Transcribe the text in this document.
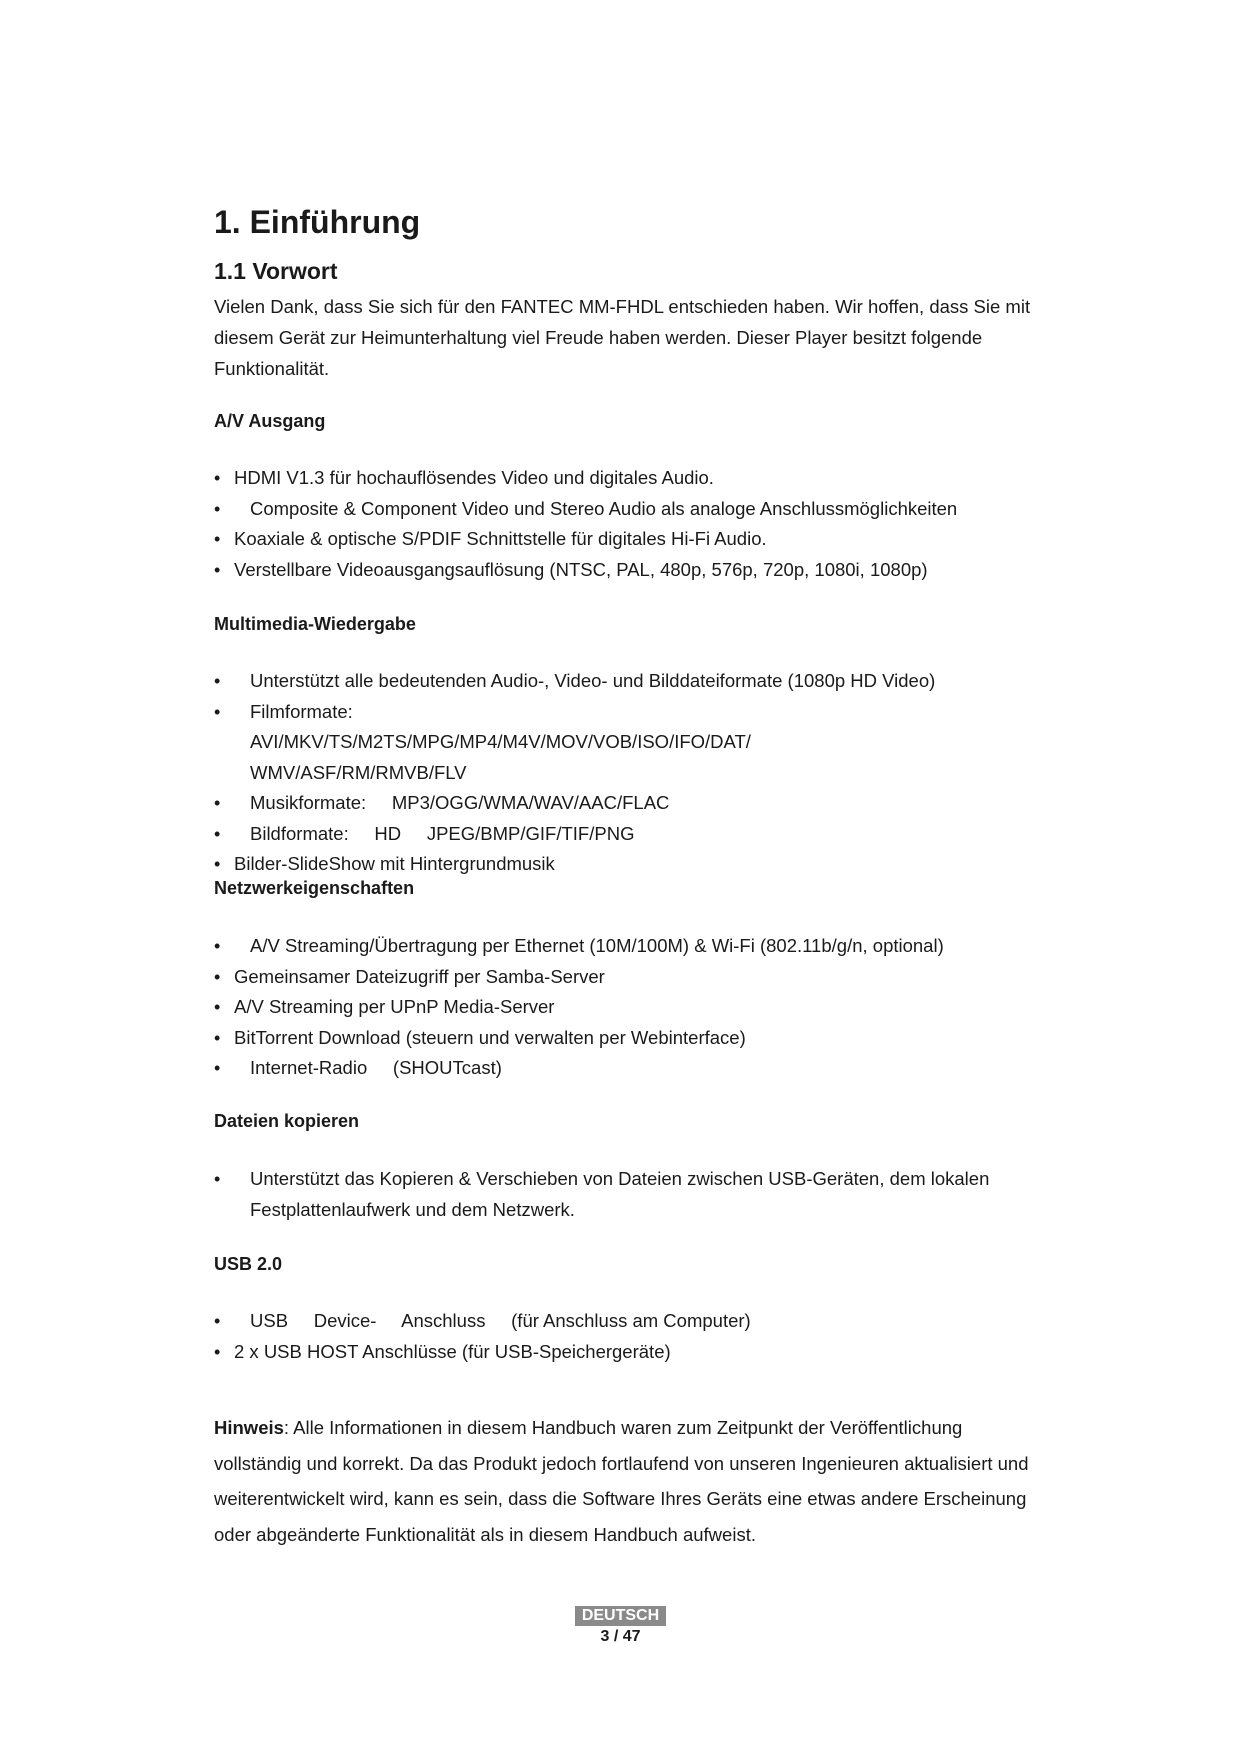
1. Einführung
1.1 Vorwort

Vielen Dank, dass Sie sich für den FANTEC MM-FHDL entschieden haben. Wir hoffen, dass Sie mit diesem Gerät zur Heimunterhaltung viel Freude haben werden. Dieser Player besitzt folgende Funktionalität.

A/V Ausgang
• HDMI V1.3 für hochauflösendes Video und digitales Audio.
• Composite & Component Video und Stereo Audio als analoge Anschlussmöglichkeiten
• Koaxiale & optische S/PDIF Schnittstelle für digitales Hi-Fi Audio.
• Verstellbare Videoausgangsauflösung (NTSC, PAL, 480p, 576p, 720p, 1080i, 1080p)
Multimedia-Wiedergabe
• Unterstützt alle bedeutenden Audio-, Video- und Bilddateiformate (1080p HD Video)
• Filmformate: AVI/MKV/TS/M2TS/MPG/MP4/M4V/MOV/VOB/ISO/IFO/DAT/ WMV/ASF/RM/RMVB/FLV
• Musikformate:     MP3/OGG/WMA/WAV/AAC/FLAC
• Bildformate:     HD     JPEG/BMP/GIF/TIF/PNG
• Bilder-SlideShow mit Hintergrundmusik
Netzwerkeigenschaften
• A/V Streaming/Übertragung per Ethernet (10M/100M) & Wi-Fi (802.11b/g/n, optional)
• Gemeinsamer Dateizugriff per Samba-Server
• A/V Streaming per UPnP Media-Server
• BitTorrent Download (steuern und verwalten per Webinterface)
• Internet-Radio     (SHOUTcast)
Dateien kopieren
• Unterstützt das Kopieren & Verschieben von Dateien zwischen USB-Geräten, dem lokalen Festplattenlaufwerk und dem Netzwerk.
USB 2.0
• USB     Device-     Anschluss     (für Anschluss am Computer)
• 2 x USB HOST Anschlüsse (für USB-Speichergeräte)

Hinweis: Alle Informationen in diesem Handbuch waren zum Zeitpunkt der Veröffentlichung vollständig und korrekt. Da das Produkt jedoch fortlaufend von unseren Ingenieuren aktualisiert und weiterentwickelt wird, kann es sein, dass die Software Ihres Geräts eine etwas andere Erscheinung oder abgeänderte Funktionalität als in diesem Handbuch aufweist.

DEUTSCH
3 / 47
